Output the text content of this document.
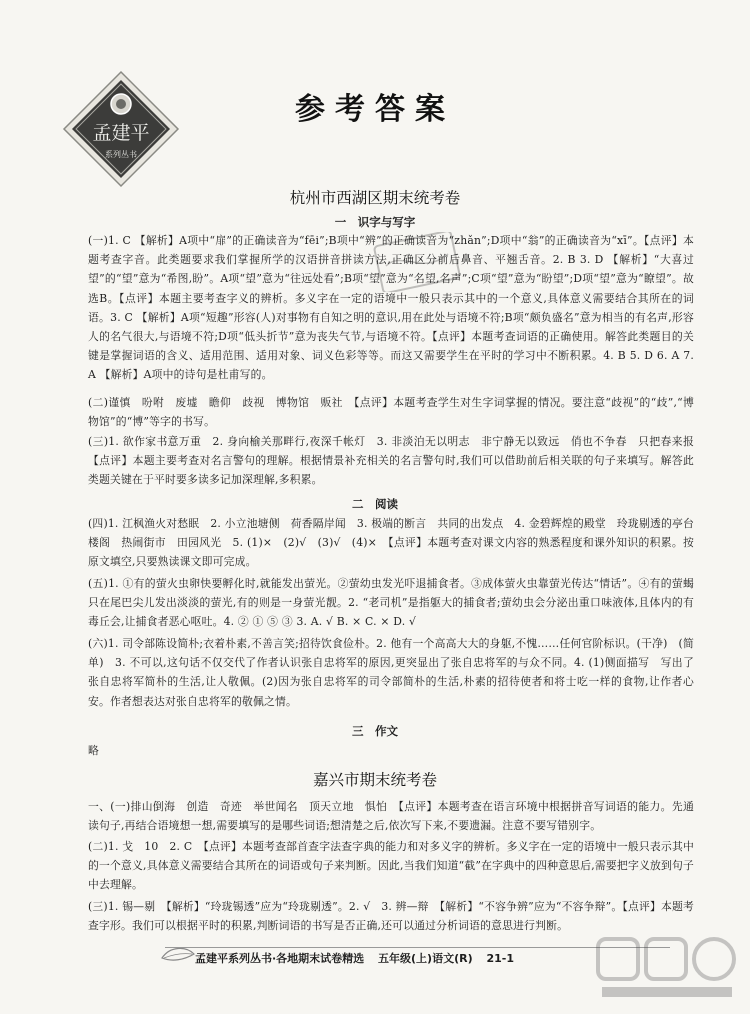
孟建平
系列丛书
参考答案
杭州市西湖区期末统考卷
一　识字与写字

(一)1. C 【解析】A项中“扉”的正确读音为“fēi”;B项中“辨”的正确读音为“zhǎn”;D项中“翁”的正确读音为“xī”。【点评】本题考查字音。此类题要求我们掌握所学的汉语拼音拼读方法,正确区分前后鼻音、平翘舌音。2. B 3. D 【解析】“大喜过望”的“望”意为“希图,盼”。A项“望”意为“往远处看”;B项“望”意为“名望,名声”;C项“望”意为“盼望”;D项“望”意为“瞭望”。故选B。【点评】本题主要考查字义的辨析。多义字在一定的语境中一般只表示其中的一个意义,具体意义需要结合其所在的词语。3. C 【解析】A项“短趣”形容(人)对事物有自知之明的意识,用在此处与语境不符;B项“颇负盛名”意为相当的有名声,形容人的名气很大,与语境不符;D项“低头折节”意为丧失气节,与语境不符。【点评】本题考查词语的正确使用。解答此类题目的关键是掌握词语的含义、适用范围、适用对象、词义色彩等等。而这又需要学生在平时的学习中不断积累。4. B 5. D 6. A 7. A 【解析】A项中的诗句是杜甫写的。

(二)谨慎　吩咐　废墟　瞻仰　歧视　博物馆　贩社　【点评】本题考查学生对生字词掌握的情况。要注意“歧视”的“歧”,“博物馆”的“博”等字的书写。

(三)1. 欲作家书意万重　2. 身向榆关那畔行,夜深千帐灯　3. 非淡泊无以明志　非宁静无以致远　俏也不争春　只把春来报　【点评】本题主要考查对名言警句的理解。根据情景补充相关的名言警句时,我们可以借助前后相关联的句子来填写。解答此类题关键在于平时要多读多记加深理解,多积累。

二　阅读

(四)1. 江枫渔火对愁眠　2. 小立池塘侧　荷香隔岸闻　3. 极端的断言　共同的出发点　4. 金碧辉煌的殿堂　玲珑剔透的亭台楼阁　热闹街市　田园风光　5. (1)×　(2)√　(3)√　(4)×　【点评】本题考查对课文内容的熟悉程度和课外知识的积累。按原文填空,只要熟读课文即可完成。

(五)1. ①有的萤火虫卵快要孵化时,就能发出萤光。②萤幼虫发光吓退捕食者。③成体萤火虫靠萤光传达“情话”。④有的萤蝎只在尾巴尖儿发出淡淡的萤光,有的则是一身萤光靓。2. “老司机”是指躯大的捕食者;萤幼虫会分泌出重口味液体,且体内的有毒丘会,让捕食者恶心呕吐。4. ② ① ⑤ ③ 3. A. √ B. × C. × D. √

(六)1. 司令部陈设简朴;衣着朴素,不善言笑;招待饮食俭朴。2. 他有一个高高大大的身躯,不愧……任何官阶标识。(干净)　(简单)　3. 不可以,这句话不仅交代了作者认识张自忠将军的原因,更突显出了张自忠将军的与众不同。4. (1)侧面描写　写出了张自忠将军简朴的生活,让人敬佩。(2)因为张自忠将军的司令部简朴的生活,朴素的招待使者和将士吃一样的食物,让作者心安。作者想表达对张自忠将军的敬佩之情。

三　作文

略

嘉兴市期末统考卷

一、(一)排山倒海　创造　奇迹　举世闻名　顶天立地　惧怕　【点评】本题考查在语言环境中根据拼音写词语的能力。先通读句子,再结合语境想一想,需要填写的是哪些词语;想清楚之后,依次写下来,不要遗漏。注意不要写错别字。

(二)1. 戈　10　2. C　【点评】本题考查部首查字法查字典的能力和对多义字的辨析。多义字在一定的语境中一般只表示其中的一个意义,具体意义需要结合其所在的词语或句子来判断。因此,当我们知道“截”在字典中的四种意思后,需要把字义放到句子中去理解。

(三)1. 锡—剔　【解析】“玲珑锡透”应为“玲珑剔透”。2. √　3. 辨—辩　【解析】“不容争辨”应为“不容争辩”。【点评】本题考查字形。我们可以根据平时的积累,判断词语的书写是否正确,还可以通过分析词语的意思进行判断。

孟建平系列丛书·各地期末试卷精选 五年级(上)语文(R) 21-1
